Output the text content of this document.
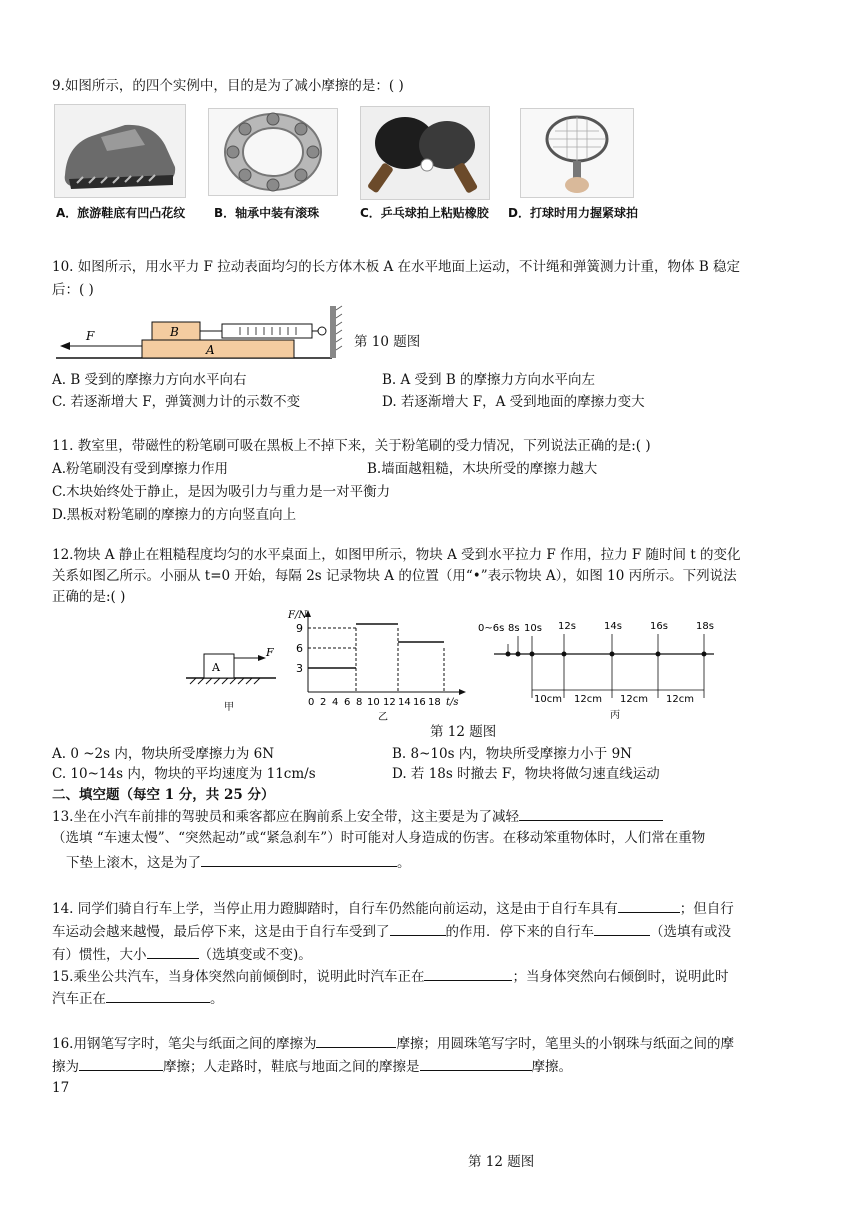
9.如图所示，的四个实例中，目的是为了减小摩擦的是：( )
A．旅游鞋底有凹凸花纹 B．轴承中装有滚珠	C．乒乓球拍上粘贴橡胶 D．打球时用力握紧球拍
10. 如图所示，用水平力 F 拉动表面均匀的长方体木板 A 在水平地面上运动，不计绳和弹簧测力计重，物体 B 稳定
后：( )
F
A
B
第 10 题图
A. B 受到的摩擦力方向水平向右	B. A 受到 B 的摩擦力方向水平向左
C. 若逐渐增大 F，弹簧测力计的示数不变	D. 若逐渐增大 F，A 受到地面的摩擦力变大
11. 教室里，带磁性的粉笔刷可吸在黑板上不掉下来，关于粉笔刷的受力情况，下列说法正确的是:( )
A.粉笔刷没有受到摩擦力作用	B.墙面越粗糙，木块所受的摩擦力越大
C.木块始终处于静止，是因为吸引力与重力是一对平衡力
D.黑板对粉笔刷的摩擦力的方向竖直向上
12.物块 A 静止在粗糙程度均匀的水平桌面上，如图甲所示，物块 A 受到水平拉力 F 作用，拉力 F 随时间 t 的变化
关系如图乙所示。小丽从 t=0 开始，每隔 2s 记录物块 A 的位置（用“•”表示物块 A），如图 10 丙所示。下列说法
正确的是:( )
A
F
甲
F/N
9
6
3
0 2 4 6 8 10 12 14 16 18 t/s
乙
0~6s 8s 10s 12s	14s	16s	18s
10cm 12cm 12cm 12cm
丙
第 12 题图
A. 0 ~2s 内，物块所受摩擦力为 6N	B. 8~10s 内，物块所受摩擦力小于 9N
C. 10~14s 内，物块的平均速度为 11cm/s	D. 若 18s 时撤去 F，物块将做匀速直线运动
二、填空题（每空 1 分，共 25 分）
13.坐在小汽车前排的驾驶员和乘客都应在胸前系上安全带，这主要是为了减轻
（选填 “车速太慢”、“突然起动”或“紧急刹车”）时可能对人身造成的伤害。在移动笨重物体时，人们常在重物
下垫上滚木，这是为了	。
14. 同学们骑自行车上学，当停止用力蹬脚踏时，自行车仍然能向前运动，这是由于自行车具有	；但自行
车运动会越来越慢，最后停下来，这是由于自行车受到了	的作用．停下来的自行车	（选填有或没
有）惯性，大小	（选填变或不变)。
15.乘坐公共汽车，当身体突然向前倾倒时，说明此时汽车正在	；当身体突然向右倾倒时，说明此时
汽车正在	。
16.用钢笔写字时，笔尖与纸面之间的摩擦为	摩擦；用圆珠笔写字时，笔里头的小钢珠与纸面之间的摩
擦为	摩擦；人走路时，鞋底与地面之间的摩擦是	摩擦。
17
第 12 题图
